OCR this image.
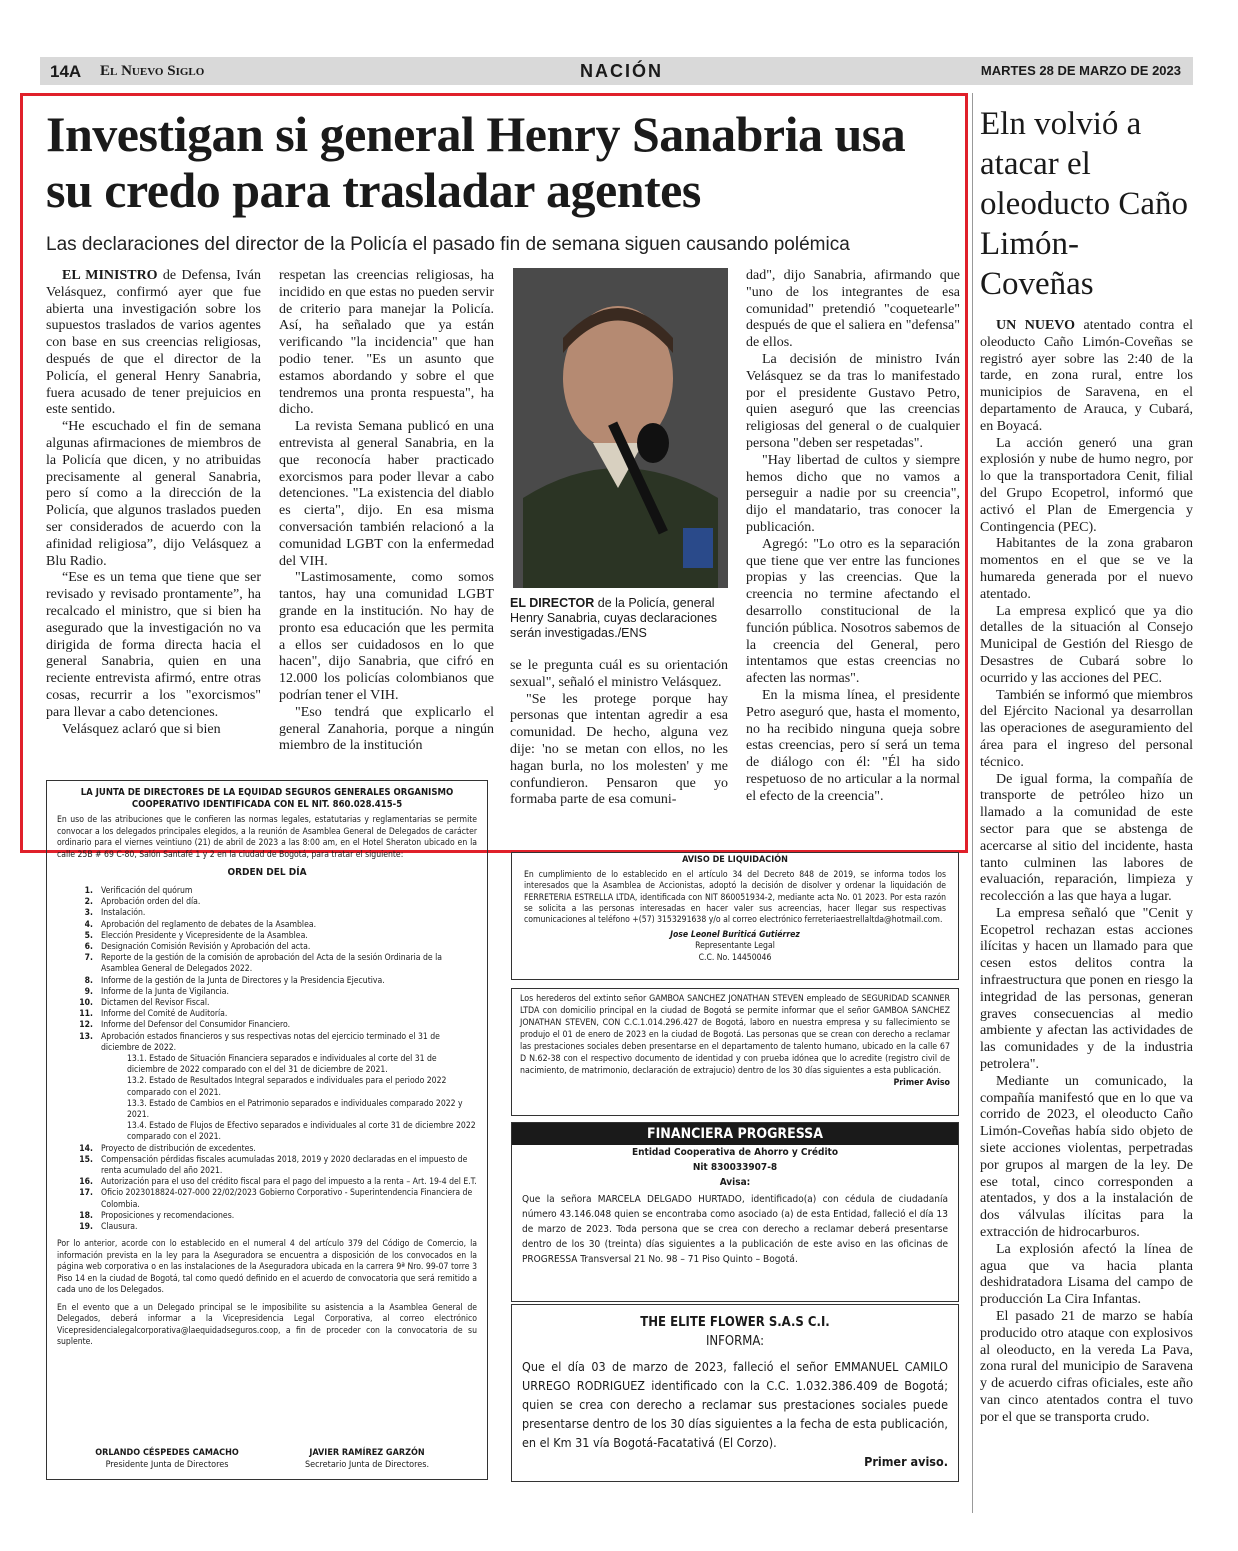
14A El Nuevo Siglo	NACIÓN	MARTES 28 DE MARZO DE 2023
Investigan si general Henry Sanabria usa su credo para trasladar agentes
Las declaraciones del director de la Policía el pasado fin de semana siguen causando polémica

EL MINISTRO de Defensa, Iván Velásquez, confirmó ayer que fue abierta una investigación sobre los supuestos traslados de varios agentes con base en sus creencias religiosas, después de que el director de la Policía, el general Henry Sanabria, fuera acusado de tener prejuicios en este sentido.

“He escuchado el fin de semana algunas afirmaciones de miembros de la Policía que dicen, y no atribuidas precisamente al general Sanabria, pero sí como a la dirección de la Policía, que algunos traslados pueden ser considerados de acuerdo con la afinidad religiosa”, dijo Velásquez a Blu Radio.

“Ese es un tema que tiene que ser revisado y revisado prontamente”, ha recalcado el ministro, que si bien ha asegurado que la investigación no va dirigida de forma directa hacia el general Sanabria, quien en una reciente entrevista afirmó, entre otras cosas, recurrir a los "exorcismos" para llevar a cabo detenciones.

Velásquez aclaró que si bien

respetan las creencias religiosas, ha incidido en que estas no pueden servir de criterio para manejar la Policía. Así, ha señalado que ya están verificando "la incidencia" que han podio tener. "Es un asunto que estamos abordando y sobre el que tendremos una pronta respuesta", ha dicho.

La revista Semana publicó en una entrevista al general Sanabria, en la que reconocía haber practicado exorcismos para poder llevar a cabo detenciones. "La existencia del diablo es cierta", dijo. En esa misma conversación también relacionó a la comunidad LGBT con la enfermedad del VIH.

"Lastimosamente, como somos tantos, hay una comunidad LGBT grande en la institución. No hay de pronto esa educación que les permita a ellos ser cuidadosos en lo que hacen", dijo Sanabria, que cifró en 12.000 los policías colombianos que podrían tener el VIH.

"Eso tendrá que explicarlo el general Zanahoria, porque a ningún miembro de la institución

EL DIRECTOR de la Policía, general Henry Sanabria, cuyas declaraciones serán investigadas./ENS

se le pregunta cuál es su orientación sexual", señaló el ministro Velásquez.

"Se les protege porque hay personas que intentan agredir a esa comunidad. De hecho, alguna vez dije: 'no se metan con ellos, no les hagan burla, no los molesten' y me confundieron. Pensaron que yo formaba parte de esa comuni-

dad", dijo Sanabria, afirmando que "uno de los integrantes de esa comunidad" pretendió "coquetearle" después de que el saliera en "defensa" de ellos.

La decisión de ministro Iván Velásquez se da tras lo manifestado por el presidente Gustavo Petro, quien aseguró que las creencias religiosas del general o de cualquier persona "deben ser respetadas".

"Hay libertad de cultos y siempre hemos dicho que no vamos a perseguir a nadie por su creencia", dijo el mandatario, tras conocer la publicación.

Agregó: "Lo otro es la separación que tiene que ver entre las funciones propias y las creencias. Que la creencia no termine afectando el desarrollo constitucional de la función pública. Nosotros sabemos de la creencia del General, pero intentamos que estas creencias no afecten las normas".

En la misma línea, el presidente Petro aseguró que, hasta el momento, no ha recibido ninguna queja sobre estas creencias, pero sí será un tema de diálogo con él: "Él ha sido respetuoso de no articular a la normal el efecto de la creencia".

Eln volvió a atacar el oleoducto Caño Limón-Coveñas

UN NUEVO atentado contra el oleoducto Caño Limón-Coveñas se registró ayer sobre las 2:40 de la tarde, en zona rural, entre los municipios de Saravena, en el departamento de Arauca, y Cubará, en Boyacá.

La acción generó una gran explosión y nube de humo negro, por lo que la transportadora Cenit, filial del Grupo Ecopetrol, informó que activó el Plan de Emergencia y Contingencia (PEC).

Habitantes de la zona grabaron momentos en el que se ve la humareda generada por el nuevo atentado.

La empresa explicó que ya dio detalles de la situación al Consejo Municipal de Gestión del Riesgo de Desastres de Cubará sobre lo ocurrido y las acciones del PEC.

También se informó que miembros del Ejército Nacional ya desarrollan las operaciones de aseguramiento del área para el ingreso del personal técnico.

De igual forma, la compañía de transporte de petróleo hizo un llamado a la comunidad de este sector para que se abstenga de acercarse al sitio del incidente, hasta tanto culminen las labores de evaluación, reparación, limpieza y recolección a las que haya a lugar.

La empresa señaló que "Cenit y Ecopetrol rechazan estas acciones ilícitas y hacen un llamado para que cesen estos delitos contra la infraestructura que ponen en riesgo la integridad de las personas, generan graves consecuencias al medio ambiente y afectan las actividades de las comunidades y de la industria petrolera".

Mediante un comunicado, la compañía manifestó que en lo que va corrido de 2023, el oleoducto Caño Limón-Coveñas había sido objeto de siete acciones violentas, perpetradas por grupos al margen de la ley. De ese total, cinco corresponden a atentados, y dos a la instalación de dos válvulas ilícitas para la extracción de hidrocarburos.

La explosión afectó la línea de agua que va hacia planta deshidratadora Lisama del campo de producción La Cira Infantas.

El pasado 21 de marzo se había producido otro ataque con explosivos al oleoducto, en la vereda La Pava, zona rural del municipio de Saravena y de acuerdo cifras oficiales, este año van cinco atentados contra el tuvo por el que se transporta crudo.

LA JUNTA DE DIRECTORES DE LA EQUIDAD SEGUROS GENERALES ORGANISMO COOPERATIVO IDENTIFICADA CON EL NIT. 860.028.415-5
En uso de las atribuciones que le confieren las normas legales, estatutarias y reglamentarias se permite convocar a los delegados principales elegidos, a la reunión de Asamblea General de Delegados de carácter ordinario para el viernes veintiuno (21) de abril de 2023 a las 8:00 am, en el Hotel Sheraton ubicado en la calle 25B # 69 C-80, Salón Santafé 1 y 2 en la ciudad de Bogotá, para tratar el siguiente:
ORDEN DEL DÍA
1. Verificación del quórum
2. Aprobación orden del día.
3. Instalación.
4. Aprobación del reglamento de debates de la Asamblea.
5. Elección Presidente y Vicepresidente de la Asamblea.
6. Designación Comisión Revisión y Aprobación del acta.
7. Reporte de la gestión de la comisión de aprobación del Acta de la sesión Ordinaria de la Asamblea General de Delegados 2022.
8. Informe de la gestión de la Junta de Directores y la Presidencia Ejecutiva.
9. Informe de la Junta de Vigilancia.
10. Dictamen del Revisor Fiscal.
11. Informe del Comité de Auditoría.
12. Informe del Defensor del Consumidor Financiero.
13. Aprobación estados financieros y sus respectivas notas del ejercicio terminado el 31 de diciembre de 2022.
13.1. Estado de Situación Financiera separados e individuales al corte del 31 de diciembre de 2022 comparado con el del 31 de diciembre de 2021.
13.2. Estado de Resultados Integral separados e individuales para el periodo 2022 comparado con el 2021.
13.3. Estado de Cambios en el Patrimonio separados e individuales comparado 2022 y 2021.
13.4. Estado de Flujos de Efectivo separados e individuales al corte 31 de diciembre 2022 comparado con el 2021.
14. Proyecto de distribución de excedentes.
15. Compensación pérdidas fiscales acumuladas 2018, 2019 y 2020 declaradas en el impuesto de renta acumulado del año 2021.
16. Autorización para el uso del crédito fiscal para el pago del impuesto a la renta – Art. 19-4 del E.T.
17. Oficio 2023018824-027-000 22/02/2023 Gobierno Corporativo - Superintendencia Financiera de Colombia.
18. Proposiciones y recomendaciones.
19. Clausura.
Por lo anterior, acorde con lo establecido en el numeral 4 del artículo 379 del Código de Comercio, la información prevista en la ley para la Aseguradora se encuentra a disposición de los convocados en la página web corporativa o en las instalaciones de la Aseguradora ubicada en la carrera 9ª Nro. 99-07 torre 3 Piso 14 en la ciudad de Bogotá, tal como quedó definido en el acuerdo de convocatoria que será remitido a cada uno de los Delegados.
En el evento que a un Delegado principal se le imposibilite su asistencia a la Asamblea General de Delegados, deberá informar a la Vicepresidencia Legal Corporativa, al correo electrónico Vicepresidencialegalcorporativa@laequidadseguros.coop, a fin de proceder con la convocatoria de su suplente.
ORLANDO CÉSPEDES CAMACHO
Presidente Junta de Directores
JAVIER RAMÍREZ GARZÓN
Secretario Junta de Directores.
AVISO DE LIQUIDACIÓN
En cumplimiento de lo establecido en el artículo 34 del Decreto 848 de 2019, se informa todos los interesados que la Asamblea de Accionistas, adoptó la decisión de disolver y ordenar la liquidación de FERRETERIA ESTRELLA LTDA, identificada con NIT 860051934-2, mediante acta No. 01 2023. Por esta razón se solicita a las personas interesadas en hacer valer sus acreencias, hacer llegar sus respectivas comunicaciones al teléfono +(57) 3153291638 y/o al correo electrónico ferreteriaestrellaltda@hotmail.com.
Jose Leonel Buriticá Gutiérrez
Representante Legal
C.C. No. 14450046
Los herederos del extinto señor GAMBOA SANCHEZ JONATHAN STEVEN empleado de SEGURIDAD SCANNER LTDA con domicilio principal en la ciudad de Bogotá se permite informar que el señor GAMBOA SANCHEZ JONATHAN STEVEN, CON C.C.1.014.296.427 de Bogotá, laboro en nuestra empresa y su fallecimiento se produjo el 01 de enero de 2023 en la ciudad de Bogotá. Las personas que se crean con derecho a reclamar las prestaciones sociales deben presentarse en el departamento de talento humano, ubicado en la calle 67 D N.62-38 con el respectivo documento de identidad y con prueba idónea que lo acredite (registro civil de nacimiento, de matrimonio, declaración de extrajucio) dentro de los 30 días siguientes a esta publicación.
Primer Aviso
FINANCIERA PROGRESSA
Entidad Cooperativa de Ahorro y Crédito
Nit 830033907-8
Avisa:
Que la señora MARCELA DELGADO HURTADO, identificado(a) con cédula de ciudadanía número 43.146.048 quien se encontraba como asociado (a) de esta Entidad, falleció el día 13 de marzo de 2023. Toda persona que se crea con derecho a reclamar deberá presentarse dentro de los 30 (treinta) días siguientes a la publicación de este aviso en las oficinas de PROGRESSA Transversal 21 No. 98 – 71 Piso Quinto – Bogotá.
THE ELITE FLOWER S.A.S C.I.
INFORMA:
Que el día 03 de marzo de 2023, falleció el señor EMMANUEL CAMILO URREGO RODRIGUEZ identificado con la C.C. 1.032.386.409 de Bogotá; quien se crea con derecho a reclamar sus prestaciones sociales puede presentarse dentro de los 30 días siguientes a la fecha de esta publicación, en el Km 31 vía Bogotá-Facatativá (El Corzo).
Primer aviso.
